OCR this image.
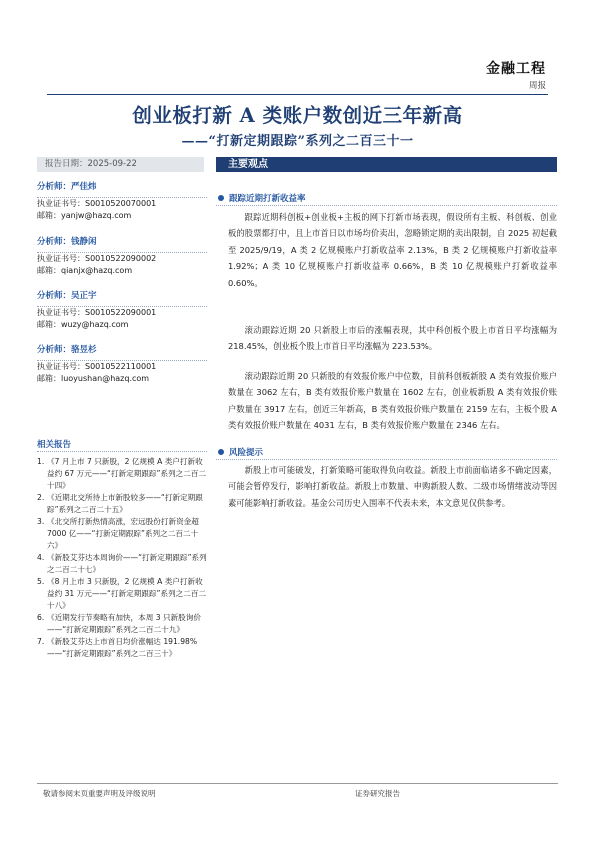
金融工程
周报
创业板打新 A 类账户数创近三年新高
——“打新定期跟踪”系列之二百三十一
报告日期：2025-09-22	主要观点
分析师：严佳炜
执业证书号：S0010520070001
邮箱：yanjw@hazq.com
分析师：钱静闲
执业证书号：S0010522090002
邮箱：qianjx@hazq.com
分析师：吴正宇
执业证书号：S0010522090001
邮箱：wuzy@hazq.com
分析师：骆昱杉
执业证书号：S0010522110001
邮箱：luoyushan@hazq.com
相关报告
1. 《7 月上市 7 只新股，2 亿规模 A 类户打新收益约 67 万元——“打新定期跟踪”系列之二百二十四》
2. 《近期北交所待上市新股较多——“打新定期跟踪”系列之二百二十五》
3. 《北交所打新热情高涨，宏远股份打新资金超 7000 亿——“打新定期跟踪”系列之二百二十六》
4. 《新股艾芬达本周询价——“打新定期跟踪”系列之二百二十七》
5. 《8 月上市 3 只新股，2 亿规模 A 类户打新收益约 31 万元——“打新定期跟踪”系列之二百二十八》
6. 《近期发行节奏略有加快，本周 3 只新股询价——“打新定期跟踪”系列之二百二十九》
7. 《新股艾芬达上市首日均价涨幅达 191.98%——“打新定期跟踪”系列之二百三十》
跟踪近期打新收益率

跟踪近期科创板+创业板+主板的网下打新市场表现，假设所有主板、科创板、创业板的股票都打中，且上市首日以市场均价卖出，忽略锁定期的卖出限制，自 2025 初起截至 2025/9/19，A 类 2 亿规模账户打新收益率 2.13%，B 类 2 亿规模账户打新收益率 1.92%；A 类 10 亿规模账户打新收益率 0.66%，B 类 10 亿规模账户打新收益率 0.60%。

滚动跟踪近期 20 只新股上市后的涨幅表现，其中科创板个股上市首日平均涨幅为 218.45%，创业板个股上市首日平均涨幅为 223.53%。

滚动跟踪近期 20 只新股的有效报价账户中位数，目前科创板新股 A 类有效报价账户数量在 3062 左右，B 类有效报价账户数量在 1602 左右，创业板新股 A 类有效报价账户数量在 3917 左右，创近三年新高，B 类有效报价账户数量在 2159 左右，主板个股 A 类有效报价账户数量在 4031 左右，B 类有效报价账户数量在 2346 左右。

风险提示

新股上市可能破发，打新策略可能取得负向收益。新股上市前面临诸多不确定因素，可能会暂停发行，影响打新收益。新股上市数量、申购新股人数、二级市场情绪波动等因素可能影响打新收益。基金公司历史入围率不代表未来，本文意见仅供参考。

敬请参阅末页重要声明及评级说明	证券研究报告
